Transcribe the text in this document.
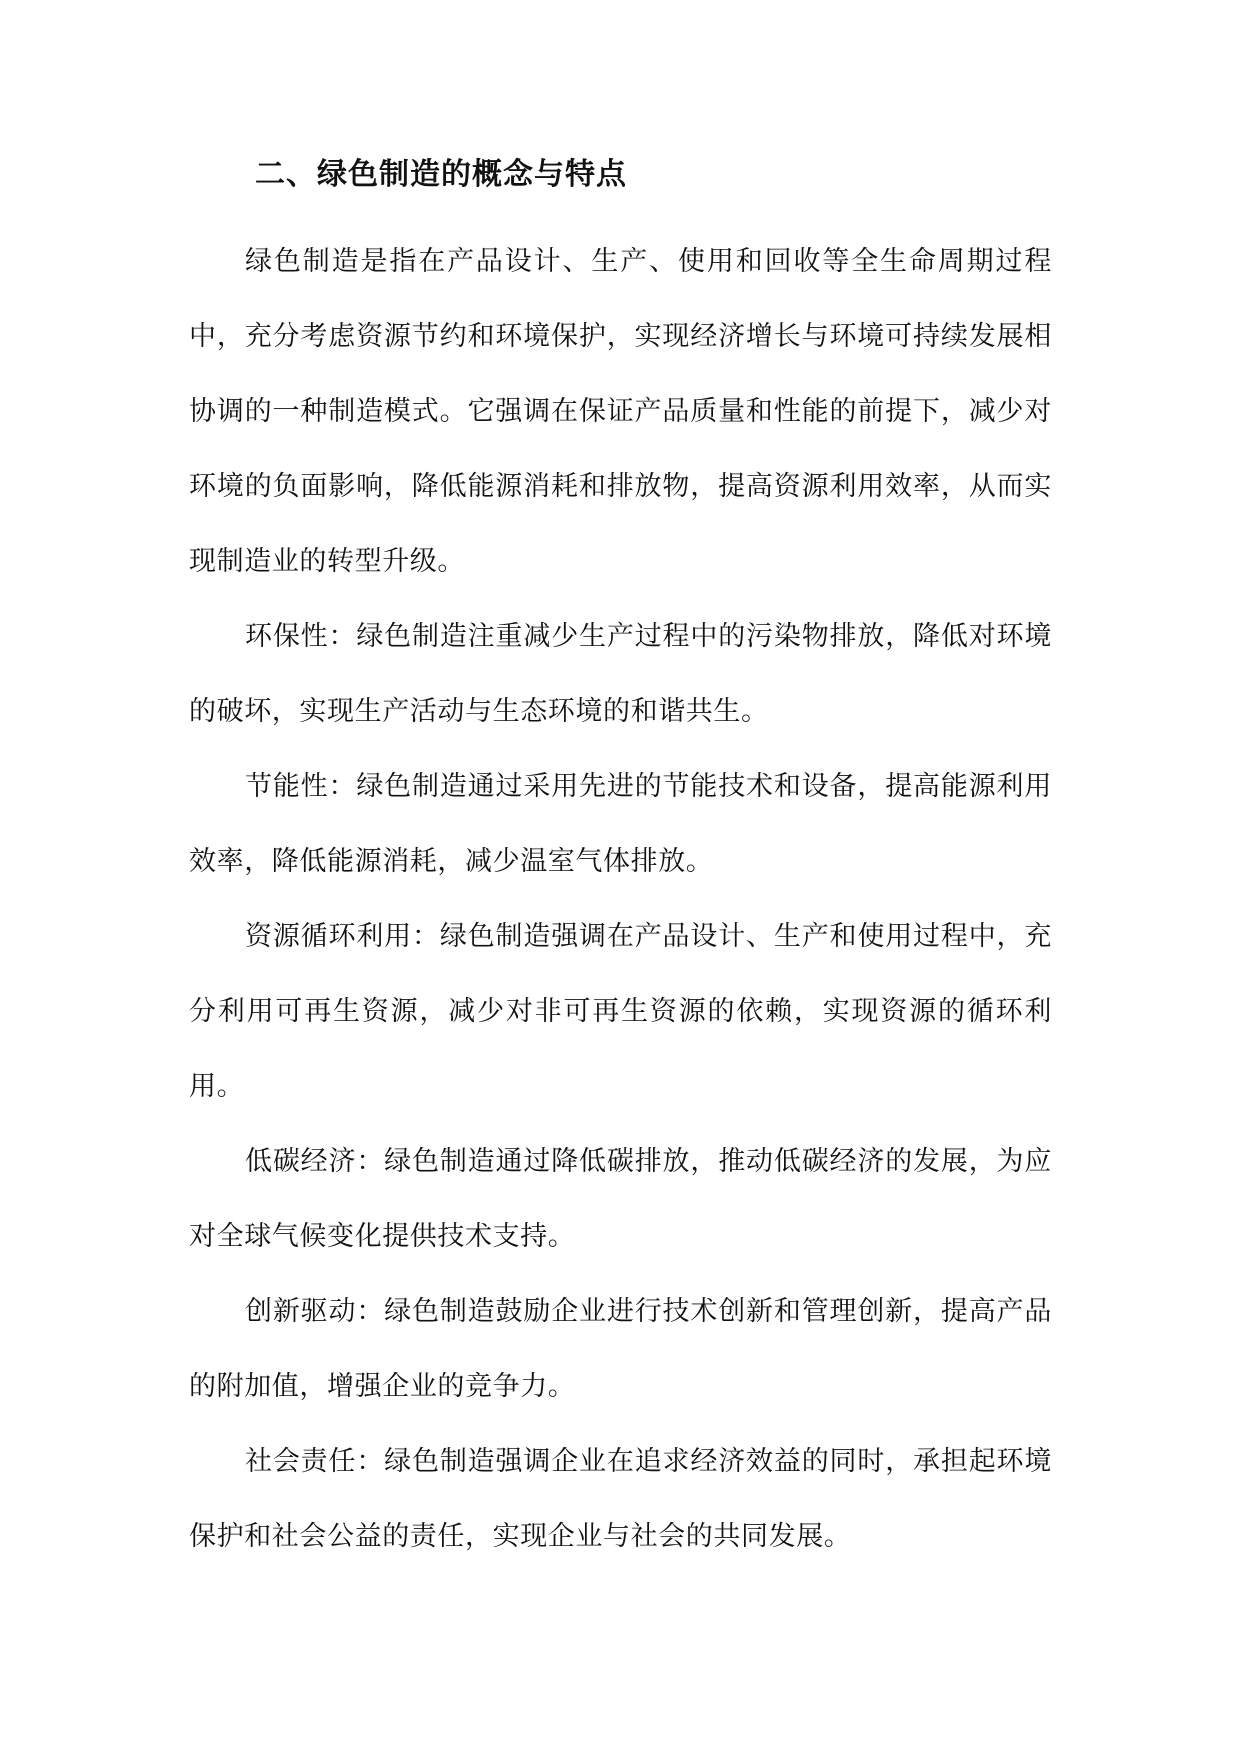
二、绿色制造的概念与特点

绿色制造是指在产品设计、生产、使用和回收等全生命周期过程中，充分考虑资源节约和环境保护，实现经济增长与环境可持续发展相协调的一种制造模式。它强调在保证产品质量和性能的前提下，减少对环境的负面影响，降低能源消耗和排放物，提高资源利用效率，从而实现制造业的转型升级。

环保性：绿色制造注重减少生产过程中的污染物排放，降低对环境的破坏，实现生产活动与生态环境的和谐共生。

节能性：绿色制造通过采用先进的节能技术和设备，提高能源利用效率，降低能源消耗，减少温室气体排放。

资源循环利用：绿色制造强调在产品设计、生产和使用过程中，充分利用可再生资源，减少对非可再生资源的依赖，实现资源的循环利用。

低碳经济：绿色制造通过降低碳排放，推动低碳经济的发展，为应对全球气候变化提供技术支持。

创新驱动：绿色制造鼓励企业进行技术创新和管理创新，提高产品的附加值，增强企业的竞争力。

社会责任：绿色制造强调企业在追求经济效益的同时，承担起环境保护和社会公益的责任，实现企业与社会的共同发展。
